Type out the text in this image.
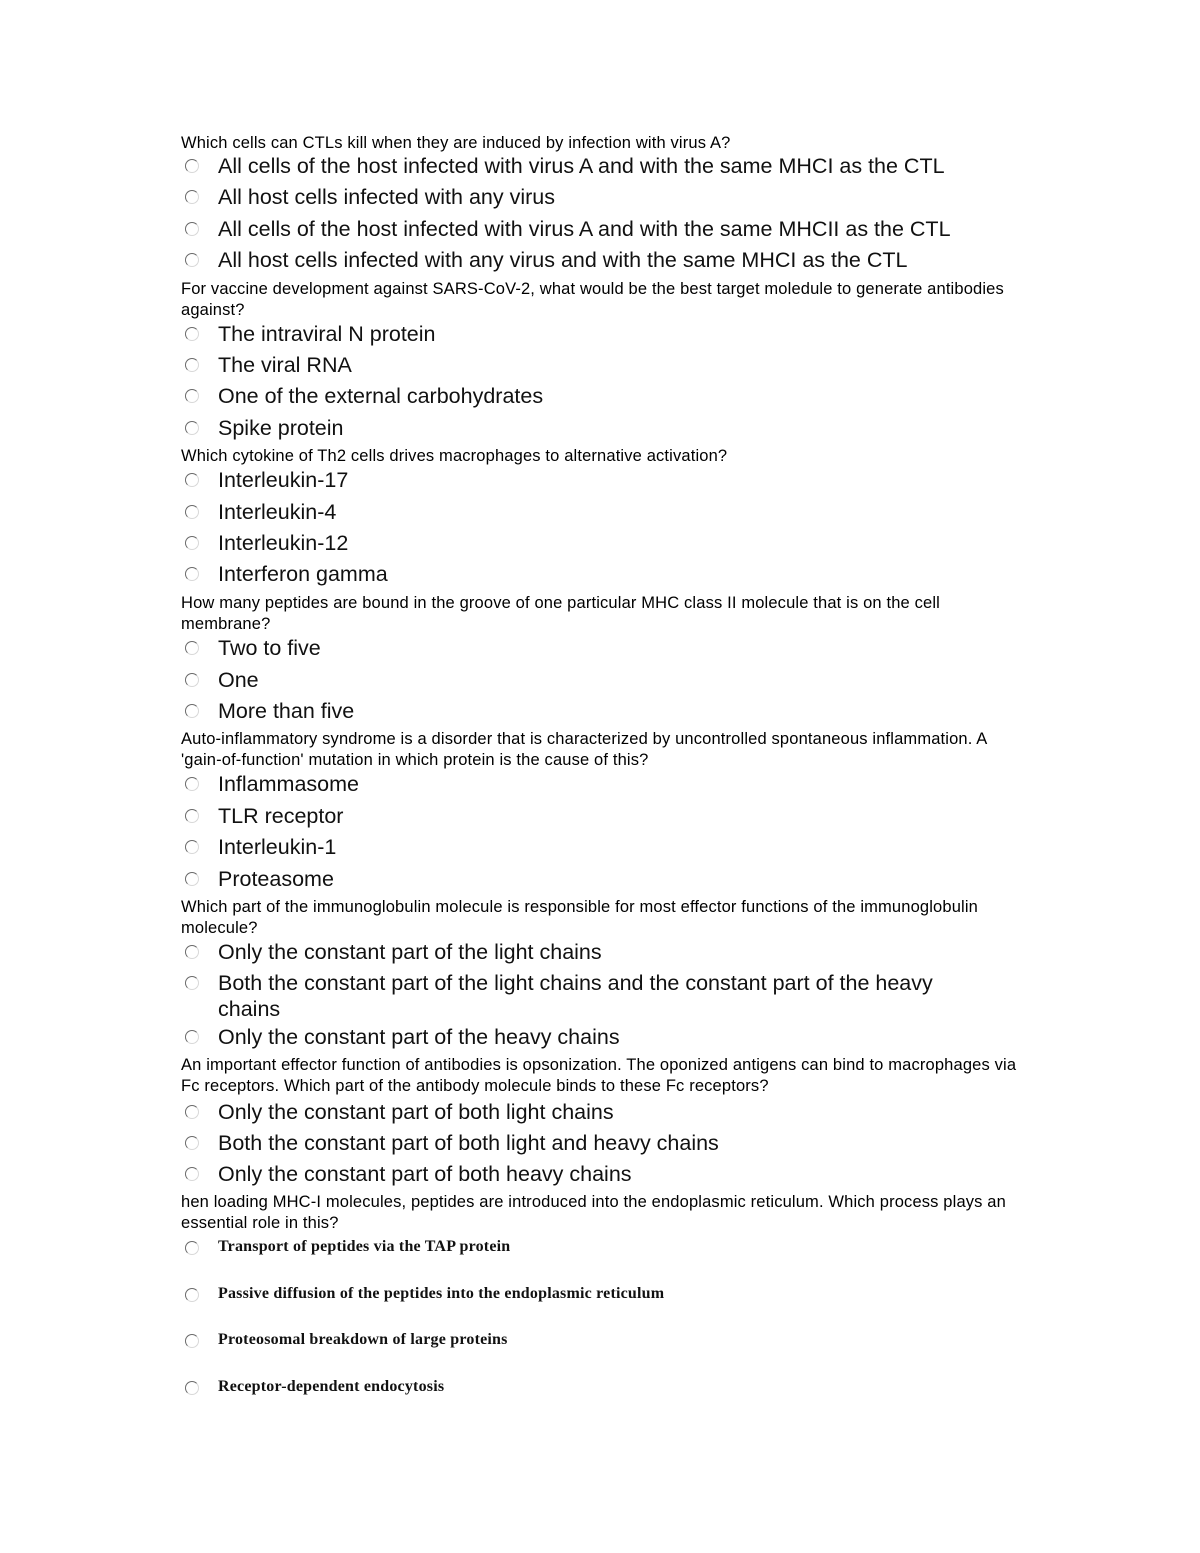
Which cells can CTLs kill when they are induced by infection with virus A?
All cells of the host infected with virus A and with the same MHCI as the CTL
All host cells infected with any virus
All cells of the host infected with virus A and with the same MHCII as the CTL
All host cells infected with any virus and with the same MHCI as the CTL
For vaccine development against SARS-CoV-2, what would be the best target moledule to generate antibodies against?
The intraviral N protein
The viral RNA
One of the external carbohydrates
Spike protein
Which cytokine of Th2 cells drives macrophages to alternative activation?
Interleukin-17
Interleukin-4
Interleukin-12
Interferon gamma
How many peptides are bound in the groove of one particular MHC class II molecule that is on the cell membrane?
Two to five
One
More than five
Auto-inflammatory syndrome is a disorder that is characterized by uncontrolled spontaneous inflammation. A 'gain-of-function' mutation in which protein is the cause of this?
Inflammasome
TLR receptor
Interleukin-1
Proteasome
Which part of the immunoglobulin molecule is responsible for most effector functions of the immunoglobulin molecule?
Only the constant part of the light chains
Both the constant part of the light chains and the constant part of the heavy chains
Only the constant part of the heavy chains
An important effector function of antibodies is opsonization. The oponized antigens can bind to macrophages via Fc receptors. Which part of the antibody molecule binds to these Fc receptors?
Only the constant part of both light chains
Both the constant part of both light and heavy chains
Only the constant part of both heavy chains
hen loading MHC-I molecules, peptides are introduced into the endoplasmic reticulum. Which process plays an essential role in this?
Transport of peptides via the TAP protein
Passive diffusion of the peptides into the endoplasmic reticulum
Proteosomal breakdown of large proteins
Receptor-dependent endocytosis
